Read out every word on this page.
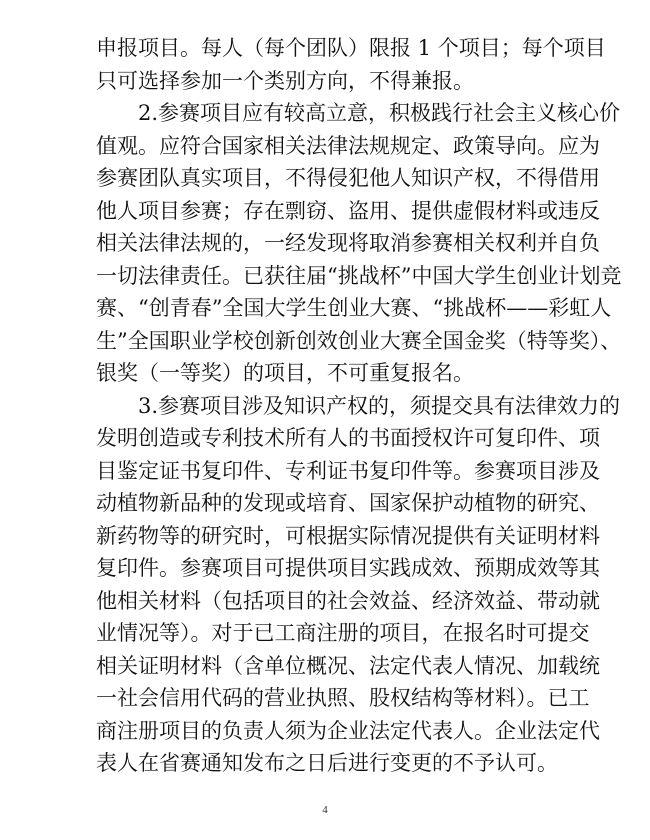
申报项目。每人（每个团队）限报 1 个项目；每个项目
只可选择参加一个类别方向，不得兼报。
2.参赛项目应有较高立意，积极践行社会主义核心价
值观。应符合国家相关法律法规规定、政策导向。应为
参赛团队真实项目，不得侵犯他人知识产权，不得借用
他人项目参赛；存在剽窃、盗用、提供虚假材料或违反
相关法律法规的，一经发现将取消参赛相关权利并自负
一切法律责任。已获往届“挑战杯”中国大学生创业计划竞
赛、“创青春”全国大学生创业大赛、“挑战杯——彩虹人
生”全国职业学校创新创效创业大赛全国金奖（特等奖）、
银奖（一等奖）的项目，不可重复报名。
3.参赛项目涉及知识产权的，须提交具有法律效力的
发明创造或专利技术所有人的书面授权许可复印件、项
目鉴定证书复印件、专利证书复印件等。参赛项目涉及
动植物新品种的发现或培育、国家保护动植物的研究、
新药物等的研究时，可根据实际情况提供有关证明材料
复印件。参赛项目可提供项目实践成效、预期成效等其
他相关材料（包括项目的社会效益、经济效益、带动就
业情况等）。对于已工商注册的项目，在报名时可提交
相关证明材料（含单位概况、法定代表人情况、加载统
一社会信用代码的营业执照、股权结构等材料）。已工
商注册项目的负责人须为企业法定代表人。企业法定代
表人在省赛通知发布之日后进行变更的不予认可。
4
